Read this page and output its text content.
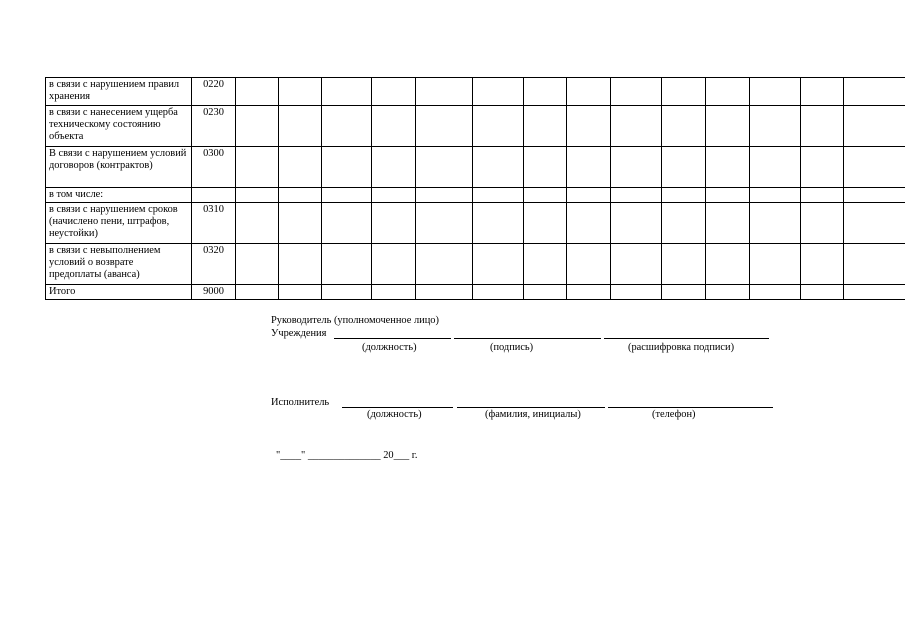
в связи с нарушением правил хранения	0220														
в связи с нанесением ущерба техническому состоянию объекта	0230														
В связи с нарушением условий договоров (контрактов)	0300														
в том числе:															
в связи с нарушением сроков (начислено пени, штрафов, неустойки)	0310														
в связи с невыполнением условий о возврате предоплаты (аванса)	0320														
Итого	9000														
Руководитель (уполномоченное лицо)
Учреждения
(должность)	(подпись)	(расшифровка подписи)
Исполнитель
(должность)	(фамилия, инициалы)	(телефон)
"____" ______________ 20___ г.
